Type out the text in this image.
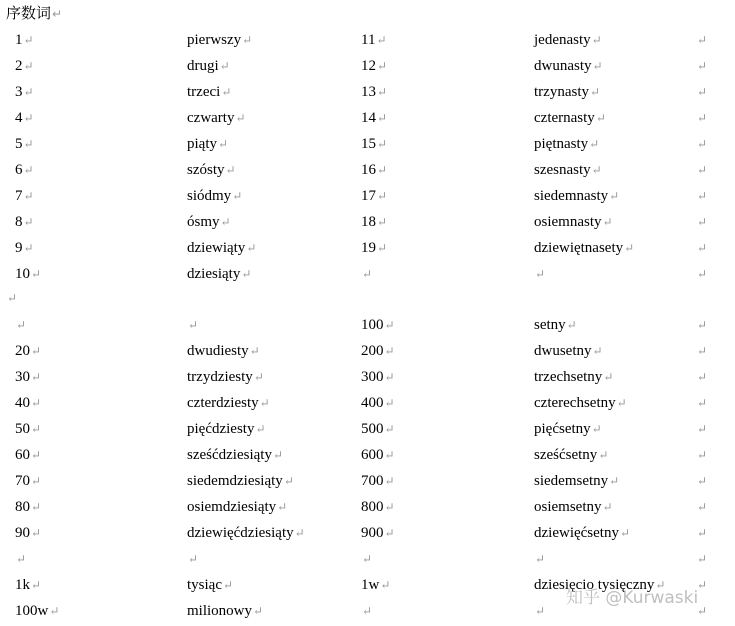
序数词↵
1↵	pierwszy↵	11↵	jedenasty↵	↵
2↵	drugi↵	12↵	dwunasty↵	↵
3↵	trzeci↵	13↵	trzynasty↵	↵
4↵	czwarty↵	14↵	czternasty↵	↵
5↵	piąty↵	15↵	piętnasty↵	↵
6↵	szósty↵	16↵	szesnasty↵	↵
7↵	siódmy↵	17↵	siedemnasty↵	↵
8↵	ósmy↵	18↵	osiemnasty↵	↵
9↵	dziewiąty↵	19↵	dziewiętnasety↵	↵
10↵	dziesiąty↵	↵	↵	↵
↵	↵	100↵	setny↵	↵
20↵	dwudiesty↵	200↵	dwusetny↵	↵
30↵	trzydziesty↵	300↵	trzechsetny↵	↵
40↵	czterdziesty↵	400↵	czterechsetny↵	↵
50↵	pięćdziesty↵	500↵	pięćsetny↵	↵
60↵	sześćdziesiąty↵	600↵	sześćsetny↵	↵
70↵	siedemdziesiąty↵	700↵	siedemsetny↵	↵
80↵	osiemdziesiąty↵	800↵	osiemsetny↵	↵
90↵	dziewięćdziesiąty↵	900↵	dziewięćsetny↵	↵
↵	↵	↵	↵	↵
1k↵	tysiąc↵	1w↵	dziesięcio tysięczny↵	↵
100w↵	milionowy↵	↵	↵	↵
↵
知乎 @Kurwaski
